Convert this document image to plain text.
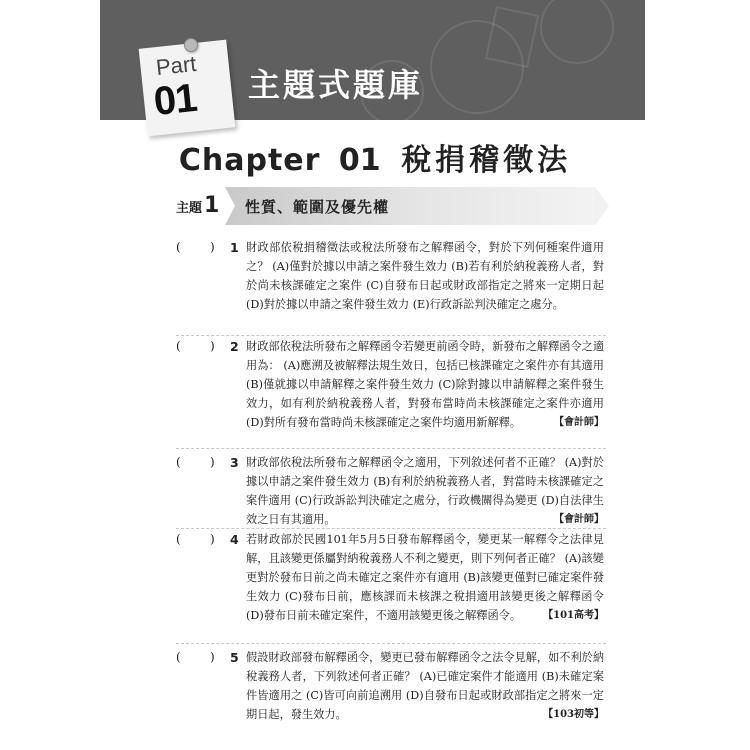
Part
01 主題式題庫
Chapter 01 稅捐稽徵法
主題1 性質、範圍及優先權
( ) 1 財政部依稅捐稽徵法或稅法所發布之解釋函令，對於下列何種案件適用之？ (A)僅對於據以申請之案件發生效力 (B)若有利於納稅義務人者，對於尚未核課確定之案件 (C)自發布日起或財政部指定之將來一定期日起 (D)對於據以申請之案件發生效力 (E)行政訴訟判決確定之處分。
( ) 2 財政部依稅法所發布之解釋函令若變更前函令時，新發布之解釋函令之適用為： (A)應溯及被解釋法規生效日，包括已核課確定之案件亦有其適用 (B)僅就據以申請解釋之案件發生效力 (C)除對據以申請解釋之案件發生效力，如有利於納稅義務人者，對發布當時尚未核課確定之案件亦適用 (D)對所有發布當時尚未核課確定之案件均適用新解釋。	【會計師】
( ) 3 財政部依稅法所發布之解釋函令之適用，下列敘述何者不正確？ (A)對於據以申請之案件發生效力 (B)有利於納稅義務人者，對當時未核課確定之案件適用 (C)行政訴訟判決確定之處分，行政機關得為變更 (D)自法律生效之日有其適用。	【會計師】
( ) 4 若財政部於民國101年5月5日發布解釋函令，變更某一解釋令之法律見解，且該變更係屬對納稅義務人不利之變更，則下列何者正確？ (A)該變更對於發布日前之尚未確定之案件亦有適用 (B)該變更僅對已確定案件發生效力 (C)發布日前，應核課而未核課之稅捐適用該變更後之解釋函令 (D)發布日前未確定案件，不適用該變更後之解釋函令。 【101高考】
( ) 5 假設財政部發布解釋函令，變更已發布解釋函令之法令見解，如不利於納稅義務人者，下列敘述何者正確？ (A)已確定案件才能適用 (B)未確定案件皆適用之 (C)皆可向前追溯用 (D)自發布日起或財政部指定之將來一定期日起，發生效力。	【103初等】
